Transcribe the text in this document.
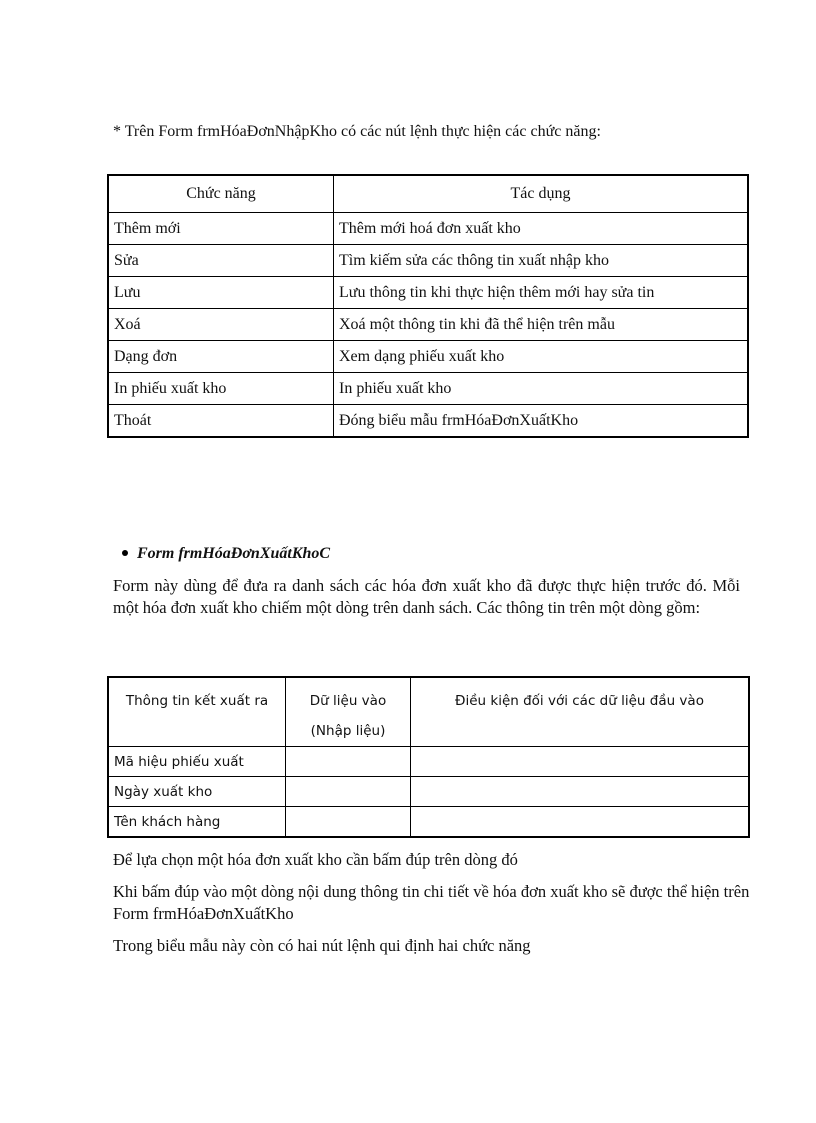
* Trên Form frmHóaĐơnNhậpKho có các nút lệnh thực hiện các chức năng:
Chức năng	Tác dụng
Thêm mới	Thêm mới hoá đơn xuất kho
Sửa	Tìm kiếm sửa các thông tin xuất nhập kho
Lưu	Lưu thông tin khi thực hiện thêm mới hay sửa tin
Xoá	Xoá một thông tin khi đã thể hiện trên mẫu
Dạng đơn	Xem dạng phiếu xuất kho
In phiếu xuất kho	In phiếu xuất kho
Thoát	Đóng biểu mẫu frmHóaĐơnXuấtKho
Form frmHóaĐơnXuấtKhoC
Form này dùng để đưa ra danh sách các hóa đơn xuất kho đã được thực hiện trước đó. Mỗi một hóa đơn xuất kho chiếm một dòng trên danh sách. Các thông tin trên một dòng gồm:
Thông tin kết xuất ra	Dữ liệu vào (Nhập liệu)	Điều kiện đối với các dữ liệu đầu vào
Mã hiệu phiếu xuất		
Ngày xuất kho		
Tên khách hàng		
Để lựa chọn một hóa đơn xuất kho cần bấm đúp trên dòng đó
Khi bấm đúp vào một dòng nội dung thông tin chi tiết về hóa đơn xuất kho sẽ được thể hiện trên Form frmHóaĐơnXuấtKho
Trong biểu mẫu này còn có hai nút lệnh qui định hai chức năng
